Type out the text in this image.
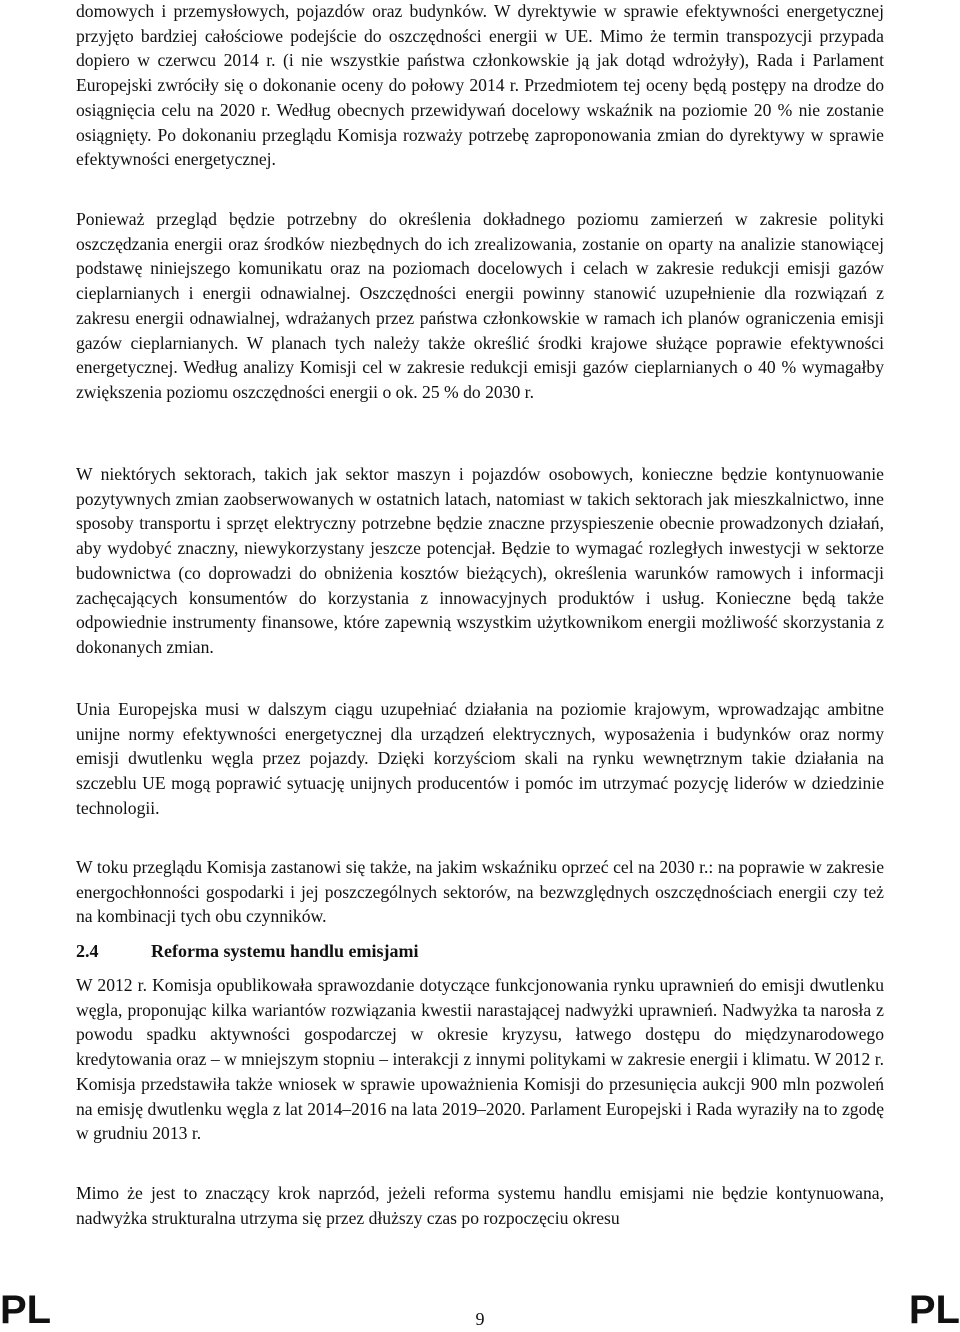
domowych i przemysłowych, pojazdów oraz budynków. W dyrektywie w sprawie efektywności energetycznej przyjęto bardziej całościowe podejście do oszczędności energii w UE. Mimo że termin transpozycji przypada dopiero w czerwcu 2014 r. (i nie wszystkie państwa członkowskie ją jak dotąd wdrożyły), Rada i Parlament Europejski zwróciły się o dokonanie oceny do połowy 2014 r. Przedmiotem tej oceny będą postępy na drodze do osiągnięcia celu na 2020 r. Według obecnych przewidywań docelowy wskaźnik na poziomie 20 % nie zostanie osiągnięty. Po dokonaniu przeglądu Komisja rozważy potrzebę zaproponowania zmian do dyrektywy w sprawie efektywności energetycznej.

Ponieważ przegląd będzie potrzebny do określenia dokładnego poziomu zamierzeń w zakresie polityki oszczędzania energii oraz środków niezbędnych do ich zrealizowania, zostanie on oparty na analizie stanowiącej podstawę niniejszego komunikatu oraz na poziomach docelowych i celach w zakresie redukcji emisji gazów cieplarnianych i energii odnawialnej. Oszczędności energii powinny stanowić uzupełnienie dla rozwiązań z zakresu energii odnawialnej, wdrażanych przez państwa członkowskie w ramach ich planów ograniczenia emisji gazów cieplarnianych. W planach tych należy także określić środki krajowe służące poprawie efektywności energetycznej. Według analizy Komisji cel w zakresie redukcji emisji gazów cieplarnianych o 40 % wymagałby zwiększenia poziomu oszczędności energii o ok. 25 % do 2030 r.

W niektórych sektorach, takich jak sektor maszyn i pojazdów osobowych, konieczne będzie kontynuowanie pozytywnych zmian zaobserwowanych w ostatnich latach, natomiast w takich sektorach jak mieszkalnictwo, inne sposoby transportu i sprzęt elektryczny potrzebne będzie znaczne przyspieszenie obecnie prowadzonych działań, aby wydobyć znaczny, niewykorzystany jeszcze potencjał. Będzie to wymagać rozległych inwestycji w sektorze budownictwa (co doprowadzi do obniżenia kosztów bieżących), określenia warunków ramowych i informacji zachęcających konsumentów do korzystania z innowacyjnych produktów i usług. Konieczne będą także odpowiednie instrumenty finansowe, które zapewnią wszystkim użytkownikom energii możliwość skorzystania z dokonanych zmian.

Unia Europejska musi w dalszym ciągu uzupełniać działania na poziomie krajowym, wprowadzając ambitne unijne normy efektywności energetycznej dla urządzeń elektrycznych, wyposażenia i budynków oraz normy emisji dwutlenku węgla przez pojazdy. Dzięki korzyściom skali na rynku wewnętrznym takie działania na szczeblu UE mogą poprawić sytuację unijnych producentów i pomóc im utrzymać pozycję liderów w dziedzinie technologii.

W toku przeglądu Komisja zastanowi się także, na jakim wskaźniku oprzeć cel na 2030 r.: na poprawie w zakresie energochłonności gospodarki i jej poszczególnych sektorów, na bezwzględnych oszczędnościach energii czy też na kombinacji tych obu czynników.

2.4	Reforma systemu handlu emisjami

W 2012 r. Komisja opublikowała sprawozdanie dotyczące funkcjonowania rynku uprawnień do emisji dwutlenku węgla, proponując kilka wariantów rozwiązania kwestii narastającej nadwyżki uprawnień. Nadwyżka ta narosła z powodu spadku aktywności gospodarczej w okresie kryzysu, łatwego dostępu do międzynarodowego kredytowania oraz – w mniejszym stopniu – interakcji z innymi politykami w zakresie energii i klimatu. W 2012 r. Komisja przedstawiła także wniosek w sprawie upoważnienia Komisji do przesunięcia aukcji 900 mln pozwoleń na emisję dwutlenku węgla z lat 2014–2016 na lata 2019–2020. Parlament Europejski i Rada wyraziły na to zgodę w grudniu 2013 r.

Mimo że jest to znaczący krok naprzód, jeżeli reforma systemu handlu emisjami nie będzie kontynuowana, nadwyżka strukturalna utrzyma się przez dłuższy czas po rozpoczęciu okresu

PL	9	PL
